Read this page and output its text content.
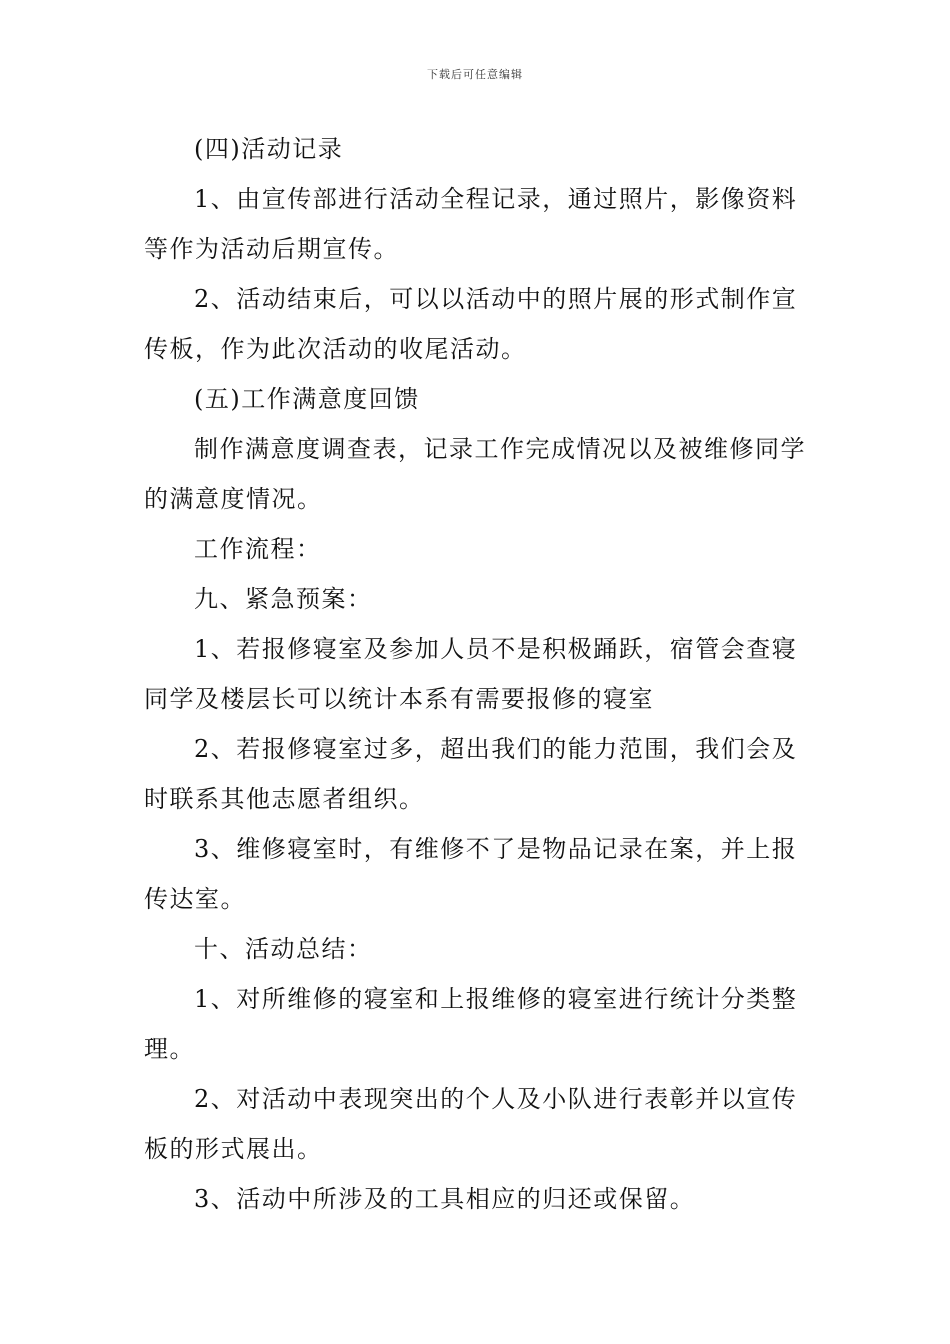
下载后可任意编辑

(四)活动记录

1、由宣传部进行活动全程记录，通过照片，影像资料等作为活动后期宣传。

2、活动结束后，可以以活动中的照片展的形式制作宣传板，作为此次活动的收尾活动。

(五)工作满意度回馈

制作满意度调查表，记录工作完成情况以及被维修同学的满意度情况。

工作流程：

九、紧急预案：

1、若报修寝室及参加人员不是积极踊跃，宿管会查寝同学及楼层长可以统计本系有需要报修的寝室

2、若报修寝室过多，超出我们的能力范围，我们会及时联系其他志愿者组织。

3、维修寝室时，有维修不了是物品记录在案，并上报传达室。

十、活动总结：

1、对所维修的寝室和上报维修的寝室进行统计分类整理。

2、对活动中表现突出的个人及小队进行表彰并以宣传板的形式展出。

3、活动中所涉及的工具相应的归还或保留。
